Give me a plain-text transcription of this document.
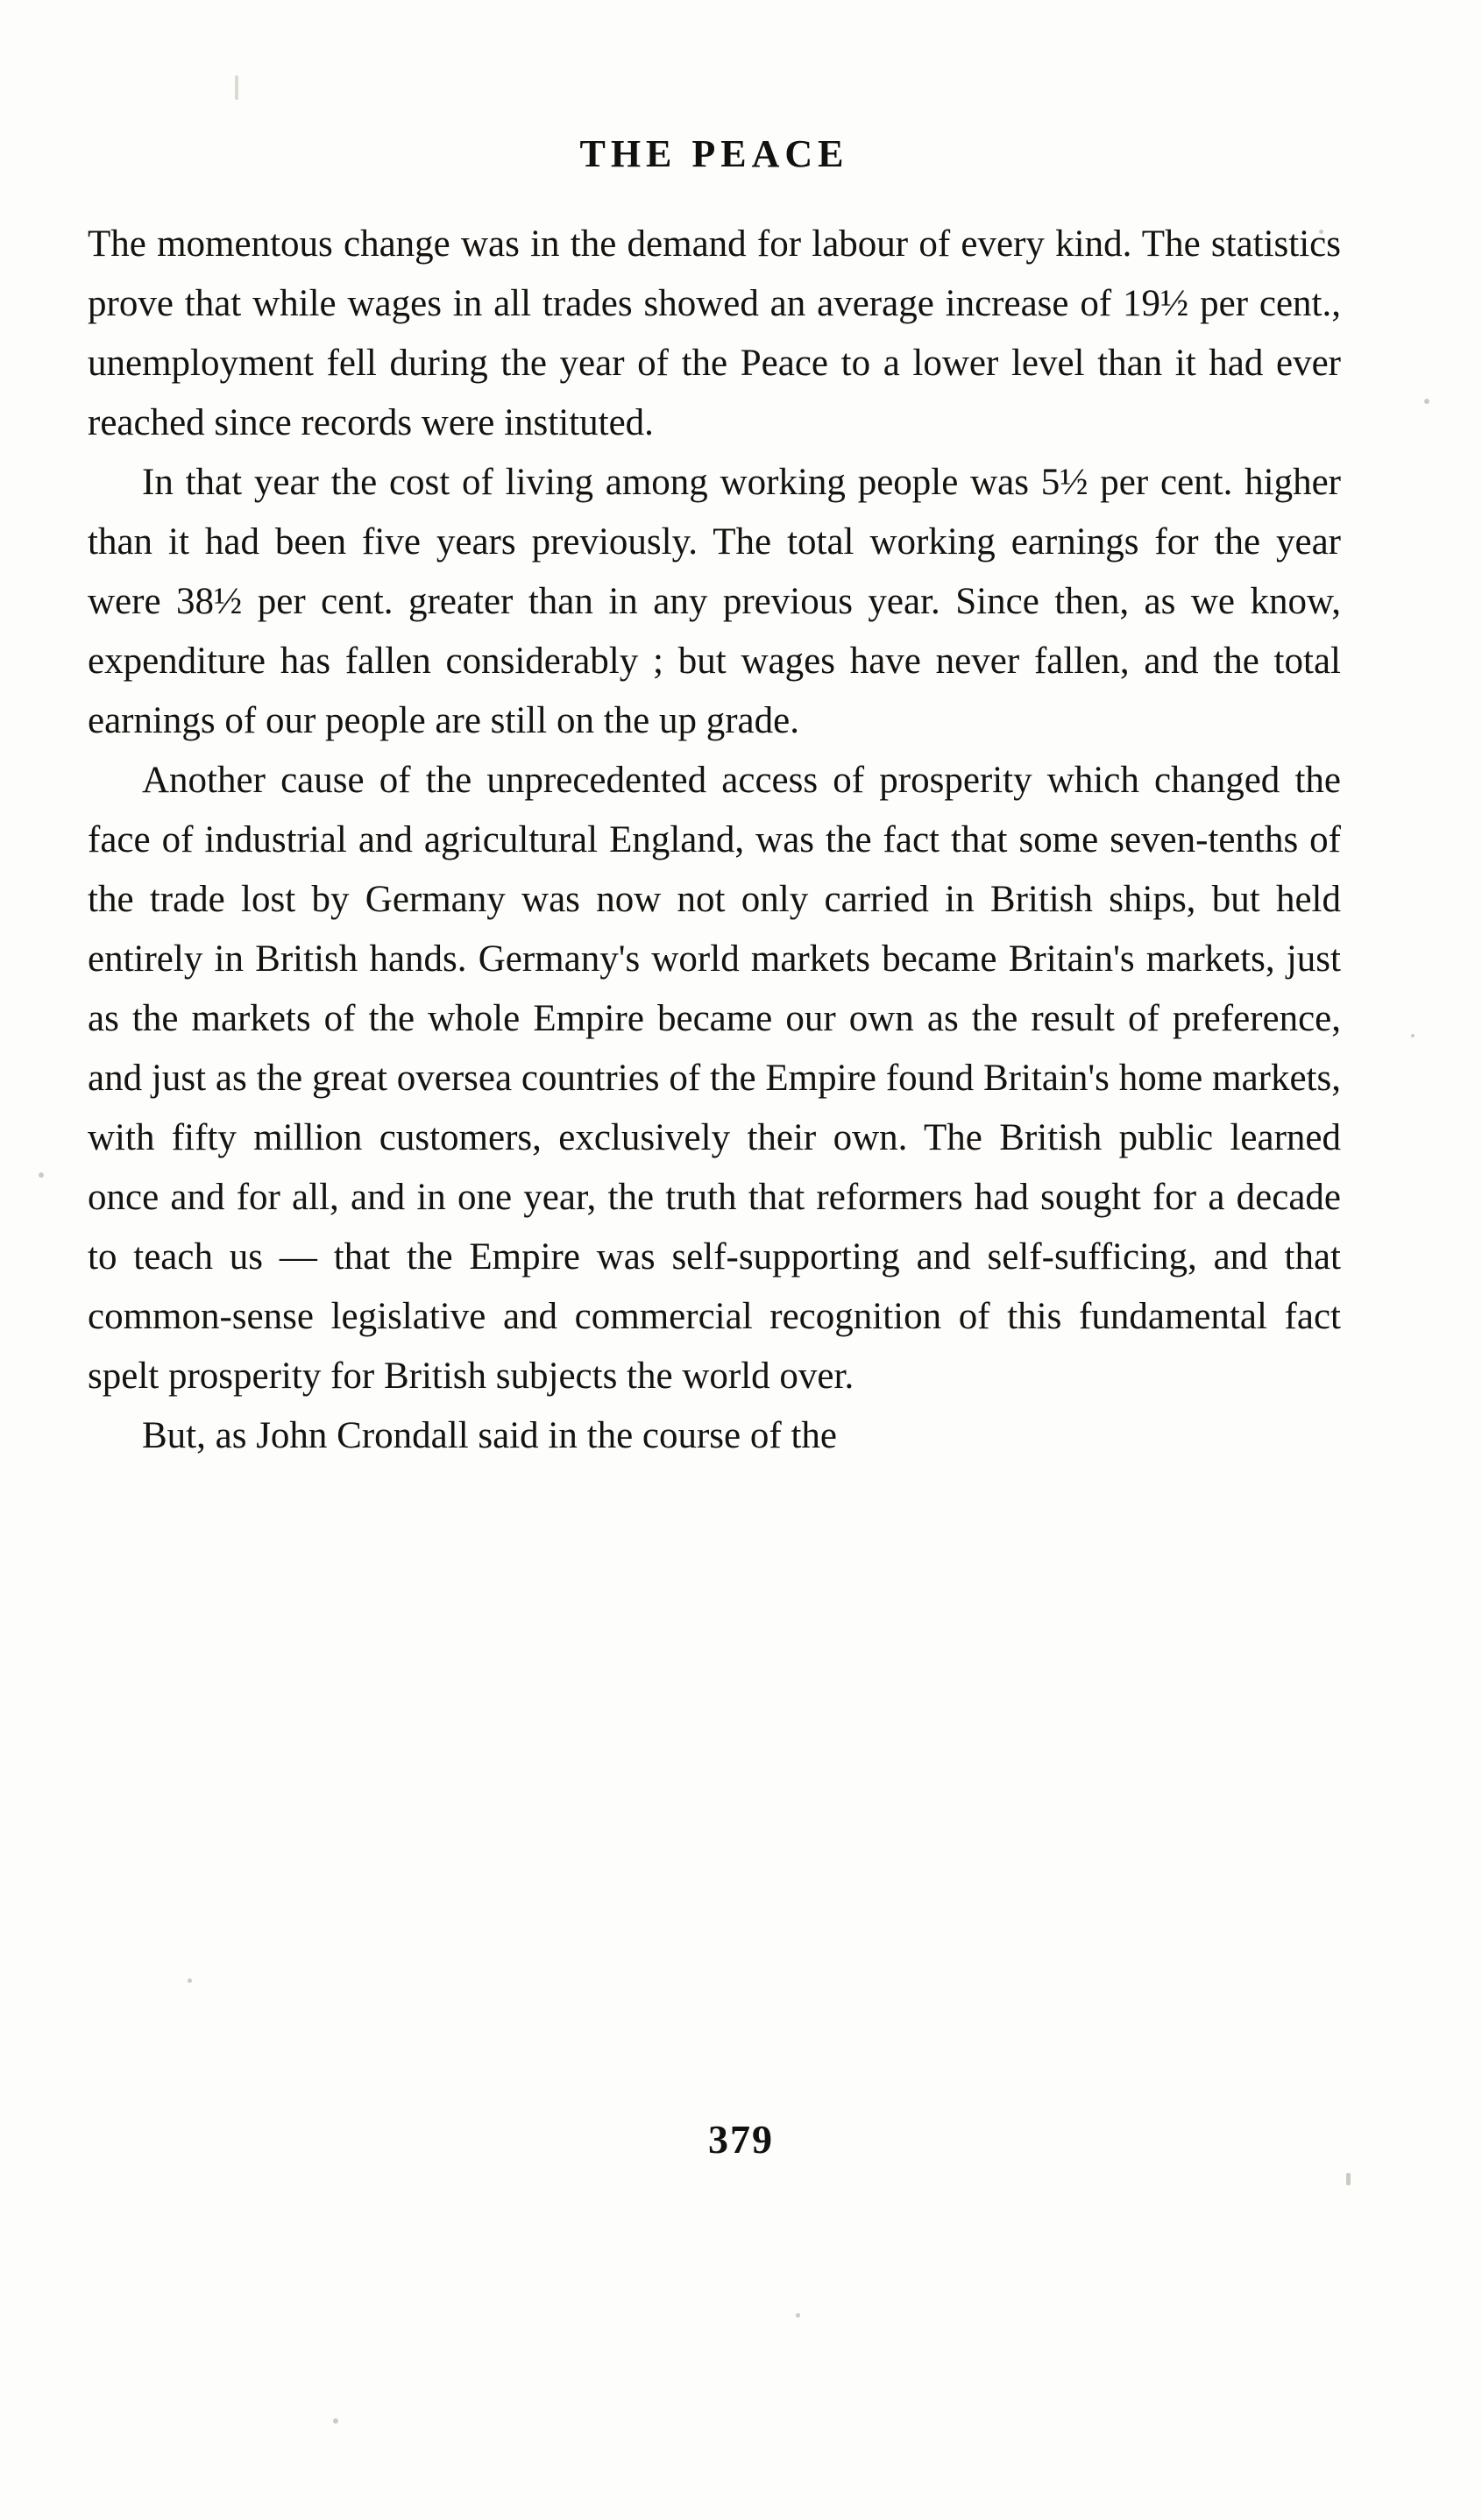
THE PEACE

The momentous change was in the demand for labour of every kind. The statistics prove that while wages in all trades showed an average increase of 19½ per cent., unemployment fell during the year of the Peace to a lower level than it had ever reached since records were instituted.

In that year the cost of living among working people was 5½ per cent. higher than it had been five years previously. The total working earnings for the year were 38½ per cent. greater than in any previous year. Since then, as we know, expenditure has fallen considerably ; but wages have never fallen, and the total earnings of our people are still on the up grade.

Another cause of the unprecedented access of prosperity which changed the face of industrial and agricultural England, was the fact that some seven-tenths of the trade lost by Germany was now not only carried in British ships, but held entirely in British hands. Germany's world markets became Britain's markets, just as the markets of the whole Empire became our own as the result of preference, and just as the great oversea countries of the Empire found Britain's home markets, with fifty million customers, exclusively their own. The British public learned once and for all, and in one year, the truth that reformers had sought for a decade to teach us — that the Empire was self-supporting and self-sufficing, and that common-sense legislative and commercial recognition of this fundamental fact spelt prosperity for British subjects the world over.

But, as John Crondall said in the course of the

379
